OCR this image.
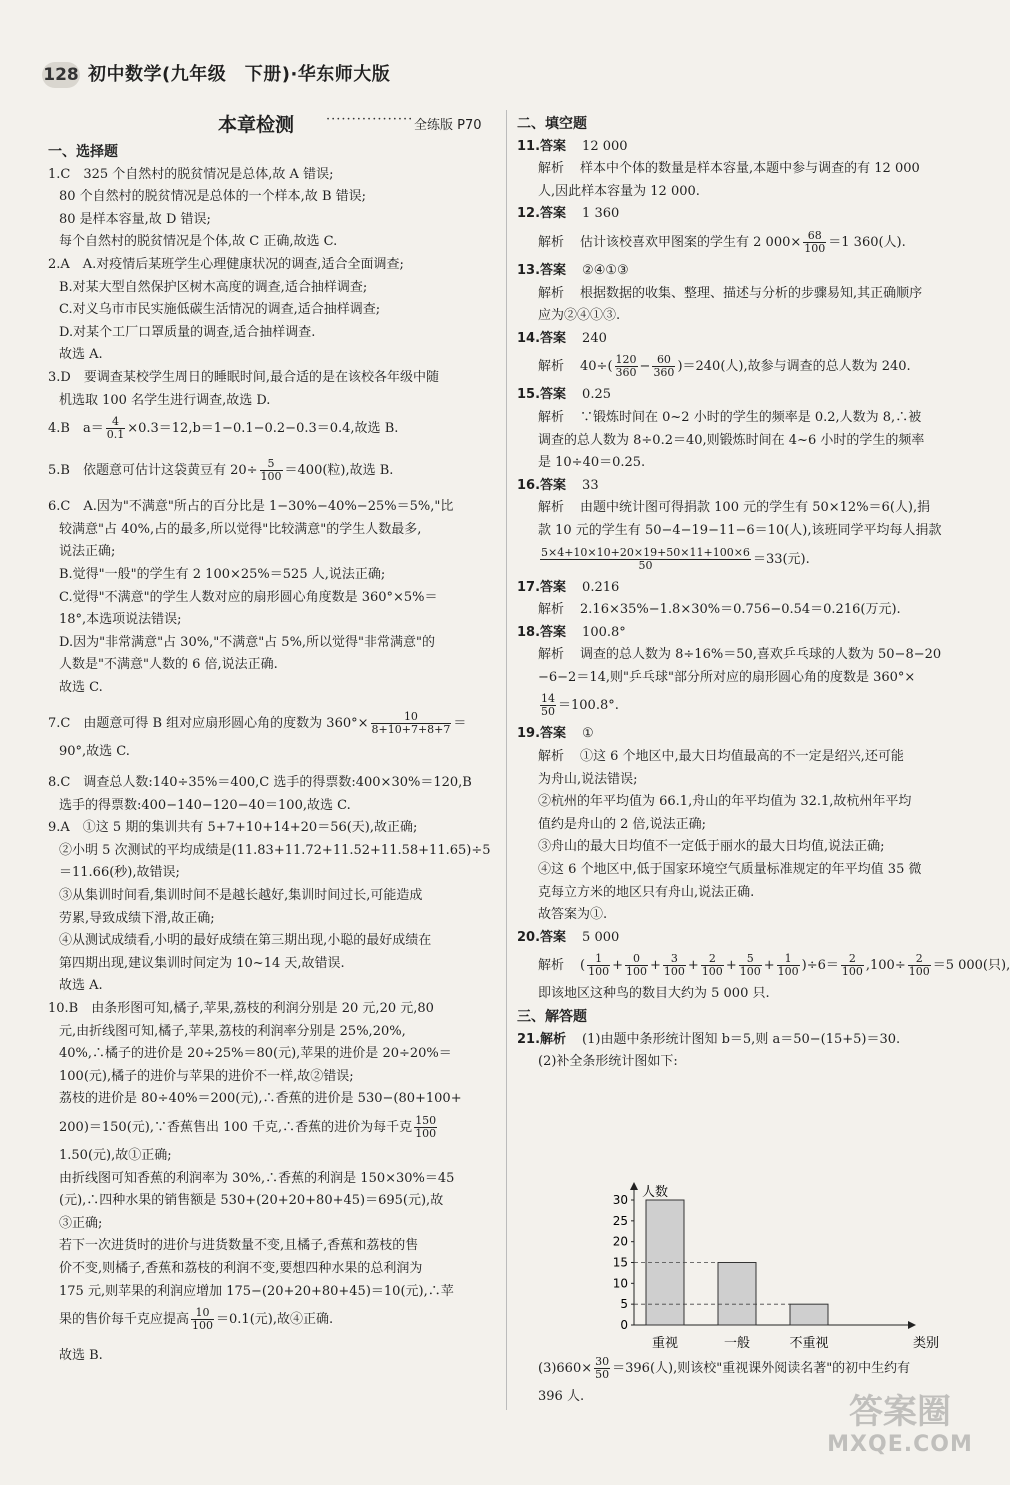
128 初中数学(九年级　下册)·华东师大版
本章检测 ················· 全练版 P70
一、选择题
1.C　325 个自然村的脱贫情况是总体,故 A 错误;
80 个自然村的脱贫情况是总体的一个样本,故 B 错误;
80 是样本容量,故 D 错误;
每个自然村的脱贫情况是个体,故 C 正确,故选 C.
2.A　A.对疫情后某班学生心理健康状况的调查,适合全面调查;
B.对某大型自然保护区树木高度的调查,适合抽样调查;
C.对义乌市市民实施低碳生活情况的调查,适合抽样调查;
D.对某个工厂口罩质量的调查,适合抽样调查.
故选 A.
3.D　要调查某校学生周日的睡眠时间,最合适的是在该校各年级中随
机选取 100 名学生进行调查,故选 D.
4.B　$a= \frac{4}{0.1} \times 0.3=12,b=1-0.1-0.2-0.3=0.4$,故选 B.
5.B　依题意可估计这袋黄豆有 $20\div \frac{5}{100} =400$(粒),故选 B.
6.C　A.因为"不满意"所占的百分比是 1−30%−40%−25%＝5%,"比
较满意"占 40%,占的最多,所以觉得"比较满意"的学生人数最多,
说法正确;
B.觉得"一般"的学生有 2 100×25%＝525 人,说法正确;
C.觉得"不满意"的学生人数对应的扇形圆心角度数是 360°×5%＝
18°,本选项说法错误;
D.因为"非常满意"占 30%,"不满意"占 5%,所以觉得"非常满意"的
人数是"不满意"人数的 6 倍,说法正确.
故选 C.
7.C　由题意可得 B 组对应扇形圆心角的度数为 $360^\circ\times \frac{10}{8+10+7+8+7}$ ＝
90°,故选 C.
8.C　调查总人数:140÷35%＝400,C 选手的得票数:400×30%＝120,B
选手的得票数:400−140−120−40＝100,故选 C.
9.A　①这 5 期的集训共有 5+7+10+14+20＝56(天),故正确;
②小明 5 次测试的平均成绩是(11.83+11.72+11.52+11.58+11.65)÷5
＝11.66(秒),故错误;
③从集训时间看,集训时间不是越长越好,集训时间过长,可能造成
劳累,导致成绩下滑,故正确;
④从测试成绩看,小明的最好成绩在第三期出现,小聪的最好成绩在
第四期出现,建议集训时间定为 10~14 天,故错误.
故选 A.
10.B　由条形图可知,橘子,苹果,荔枝的利润分别是 20 元,20 元,80
元,由折线图可知,橘子,苹果,荔枝的利润率分别是 25%,20%,
40%,∴橘子的进价是 20÷25%＝80(元),苹果的进价是 20÷20%＝
100(元),橘子的进价与苹果的进价不一样,故②错误;
荔枝的进价是 80÷40%＝200(元),∴香蕉的进价是 530−(80+100+
200)＝150(元),∵香蕉售出 100 千克,∴香蕉的进价为每千克 $\frac{150}{100}$
1.50(元),故①正确;
由折线图可知香蕉的利润率为 30%,∴香蕉的利润是 150×30%＝45
(元),∴四种水果的销售额是 530+(20+20+80+45)＝695(元),故
③正确;
若下一次进货时的进价与进货数量不变,且橘子,香蕉和荔枝的售
价不变,则橘子,香蕉和荔枝的利润不变,要想四种水果的总利润为
175 元,则苹果的利润应增加 175−(20+20+80+45)＝10(元),∴苹
果的售价每千克应提高 $\frac{10}{100} =0.1$(元),故④正确.
故选 B.
二、填空题
11.答案 12 000
解析 样本中个体的数量是样本容量,本题中参与调查的有 12 000
人,因此样本容量为 12 000.
12.答案 1 360
解析 估计该校喜欢甲图案的学生有 2 $000\times \frac{68}{100} =1$ 360(人).
13.答案 ②④①③
解析 根据数据的收集、整理、描述与分析的步骤易知,其正确顺序
应为②④①③.
14.答案 240
解析 $40\div( \frac{120}{360} - \frac{60}{360} )=240$(人),故参与调查的总人数为 240.
15.答案 0.25
解析 ∵锻炼时间在 0~2 小时的学生的频率是 0.2,人数为 8,∴被
调查的总人数为 8÷0.2＝40,则锻炼时间在 4~6 小时的学生的频率
是 10÷40＝0.25.
16.答案 33
解析 由题中统计图可得捐款 100 元的学生有 50×12%＝6(人),捐
款 10 元的学生有 50−4−19−11−6＝10(人),该班同学平均每人捐款
$\frac{5\times 4+10\times 10+20\times 19+50\times 11+100\times 6}{50} =33$(元).
17.答案 0.216
解析 2.16×35%−1.8×30%＝0.756−0.54＝0.216(万元).
18.答案 100.8°
解析 调查的总人数为 8÷16%＝50,喜欢乒乓球的人数为 50−8−20
−6−2＝14,则"乒乓球"部分所对应的扇形圆心角的度数是 360°×
$\frac{14}{50} =100.8^\circ$.
19.答案 ①
解析 ①这 6 个地区中,最大日均值最高的不一定是绍兴,还可能
为舟山,说法错误;
②杭州的年平均值为 66.1,舟山的年平均值为 32.1,故杭州年平均
值约是舟山的 2 倍,说法正确;
③舟山的最大日均值不一定低于丽水的最大日均值,说法正确;
④这 6 个地区中,低于国家环境空气质量标准规定的年平均值 35 微
克每立方米的地区只有舟山,说法正确.
故答案为①.
20.答案 5 000
解析 ( $\frac{1}{100} + \frac{0}{100} + \frac{3}{100} + \frac{2}{100} + \frac{5}{100} + \frac{1}{100} )\div 6= \frac{2}{100} ,100\div \frac{2}{100} =5$ 000(只),
即该地区这种鸟的数目大约为 5 000 只.
三、解答题
21.解析 (1)由题中条形统计图知 b＝5,则 a＝50−(15+5)＝30.
(2)补全条形统计图如下:
0
5
10
15
20
25
30 人数
类别
重视	一般	不重视
$(3)660\times \frac{30}{50} =396$(人),则该校"重视课外阅读名著"的初中生约有
396 人.	答案圈
MXQE.COM
